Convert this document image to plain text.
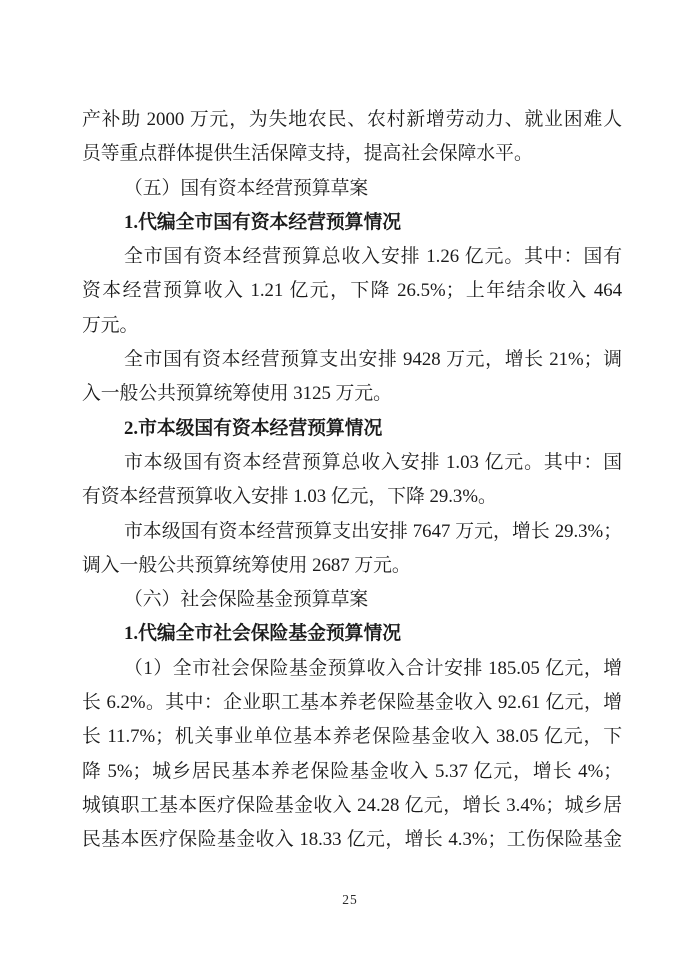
产补助 2000 万元，为失地农民、农村新增劳动力、就业困难人
员等重点群体提供生活保障支持，提高社会保障水平。
（五）国有资本经营预算草案
1.代编全市国有资本经营预算情况
全市国有资本经营预算总收入安排 1.26 亿元。其中：国有
资本经营预算收入 1.21 亿元，下降 26.5%；上年结余收入 464
万元。
全市国有资本经营预算支出安排 9428 万元，增长 21%；调
入一般公共预算统筹使用 3125 万元。
2.市本级国有资本经营预算情况
市本级国有资本经营预算总收入安排 1.03 亿元。其中：国
有资本经营预算收入安排 1.03 亿元，下降 29.3%。
市本级国有资本经营预算支出安排 7647 万元，增长 29.3%；
调入一般公共预算统筹使用 2687 万元。
（六）社会保险基金预算草案
1.代编全市社会保险基金预算情况
（1）全市社会保险基金预算收入合计安排 185.05 亿元，增
长 6.2%。其中：企业职工基本养老保险基金收入 92.61 亿元，增
长 11.7%；机关事业单位基本养老保险基金收入 38.05 亿元，下
降 5%；城乡居民基本养老保险基金收入 5.37 亿元，增长 4%；
城镇职工基本医疗保险基金收入 24.28 亿元，增长 3.4%；城乡居
民基本医疗保险基金收入 18.33 亿元，增长 4.3%；工伤保险基金
25
